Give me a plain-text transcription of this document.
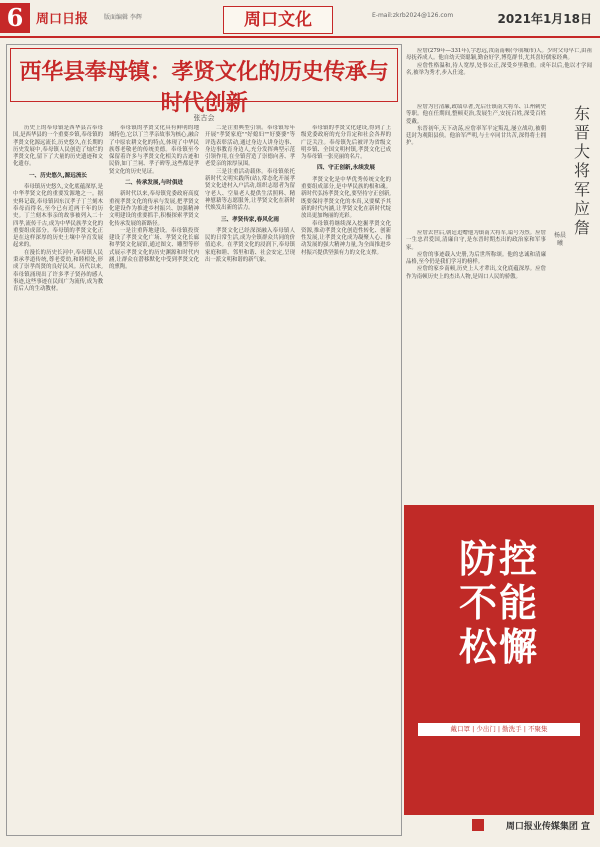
6 周口日报	版面编辑 李辉	周口文化	E-mail:zkrb2024@126.com	2021年1月18日
西华县奉母镇：孝贤文化的历史传承与时代创新
张古会

历史上的奉母镇是西华县古奉母国,是西华县的一个重要乡镇,奉母镇的孝贤文化源远流长,历史悠久,在长期的历史发展中,奉母镇人民创造了灿烂的孝贤文化,留下了大量的历史遗迹和文化遗存。

一、历史悠久,源远流长

奉母镇历史悠久,文化底蕴深厚,是中华孝贤文化的重要发源地之一。据史料记载,奉母镇因东汉孝子丁兰刻木奉母而得名,至今已有近两千年的历史。丁兰刻木事亲的故事被列入二十四孝,流传千古,成为中华民族孝文化的重要组成部分。奉母镇的孝贤文化正是在这样深厚的历史土壤中孕育发展起来的。

在漫长的历史长河中,奉母镇人民秉承孝道传统,尊老爱幼,和睦相处,形成了崇孝尚贤的良好民风。历代以来,奉母镇涌现出了许多孝子贤孙的感人事迹,这些事迹在民间广为流传,成为教育后人的生动教材。

奉母镇的孝贤文化具有鲜明的地域特色,它以丁兰孝亲故事为核心,融合了中原农耕文化的特点,体现了中华民族尊老敬老的传统美德。奉母镇至今保留着许多与孝贤文化相关的古迹和民俗,如丁兰祠、孝子碑等,这些都是孝贤文化的历史见证。

二、传承发展,与时俱进

新时代以来,奉母镇党委政府高度重视孝贤文化的传承与发展,把孝贤文化建设作为推进乡村振兴、加强精神文明建设的重要抓手,积极探索孝贤文化传承发展的新路径。

一是注重阵地建设。奉母镇投资建设了孝贤文化广场、孝贤文化长廊和孝贤文化展馆,通过图文、雕塑等形式展示孝贤文化的历史渊源和时代内涵,让群众在潜移默化中受到孝贤文化的熏陶。

二是注重典型引领。奉母镇每年开展"孝贤家庭""好媳妇""好婆婆"等评选表彰活动,通过身边人讲身边事、身边事教育身边人,充分发挥典型示范引领作用,在全镇营造了崇德向善、孝老爱亲的浓厚氛围。

三是注重活动载体。奉母镇依托新时代文明实践所(站),常态化开展孝贤文化进村入户活动,组织志愿者为留守老人、空巢老人提供生活照料、精神慰藉等志愿服务,让孝贤文化在新时代焕发出新的活力。

三、孝贤传家,春风化雨

孝贤文化已经深深融入奉母镇人民的日常生活,成为全镇群众共同的价值追求。在孝贤文化的浸润下,奉母镇家庭和睦、邻里和谐、社会安定,呈现出一派文明和谐的新气象。

奉母镇的孝贤文化建设,得到了上级党委政府的充分肯定和社会各界的广泛关注。奉母镇先后被评为省级文明乡镇、全国文明村镇,孝贤文化已成为奉母镇一张亮丽的名片。

四、守正创新,永续发展

孝贤文化是中华优秀传统文化的重要组成部分,是中华民族的根和魂。新时代弘扬孝贤文化,要坚持守正创新,既要保持孝贤文化的本真,又要赋予其新的时代内涵,让孝贤文化在新时代绽放出更加绚丽的光彩。

奉母镇将继续深入挖掘孝贤文化资源,推动孝贤文化创造性转化、创新性发展,让孝贤文化成为凝聚人心、推动发展的强大精神力量,为全面推进乡村振兴提供坚强有力的文化支撑。

应詹(279年—331年),字思远,汝南南顿(今项城市)人。少时父母早亡,由祖母抚养成人。他自幼天资聪颖,勤奋好学,博览群书,尤其喜好儒家经典。

应詹性格温和,待人宽厚,处事公正,深受乡里敬重。成年以后,他以才学闻名,被举为秀才,步入仕途。

应詹为官清廉,政绩卓著,先后任镇南大将军、江州刺史等职。他在任期间,整顿吏治,发展生产,安抚百姓,深受百姓爱戴。

东晋初年,天下动荡,应詹率军平定叛乱,屡立战功,被朝廷封为观阳县侯。他治军严明,与士卒同甘共苦,深得将士拥护。

东晋大将军应詹
杨晨曦

应詹去世后,朝廷追赠他为镇南大将军,谥号为烈。应詹一生忠君爱国,清廉自守,是东晋时期杰出的政治家和军事家。

应詹的事迹载入史册,为后世所称颂。他的忠诚和清廉品格,至今仍是我们学习的榜样。

应詹的家乡南顿,历史上人才辈出,文化底蕴深厚。应詹作为南顿历史上的杰出人物,是周口人民的骄傲。

防控
不能
松懈
戴口罩 | 少出门 | 勤洗手 | 不聚集
周口报业传媒集团 宣
